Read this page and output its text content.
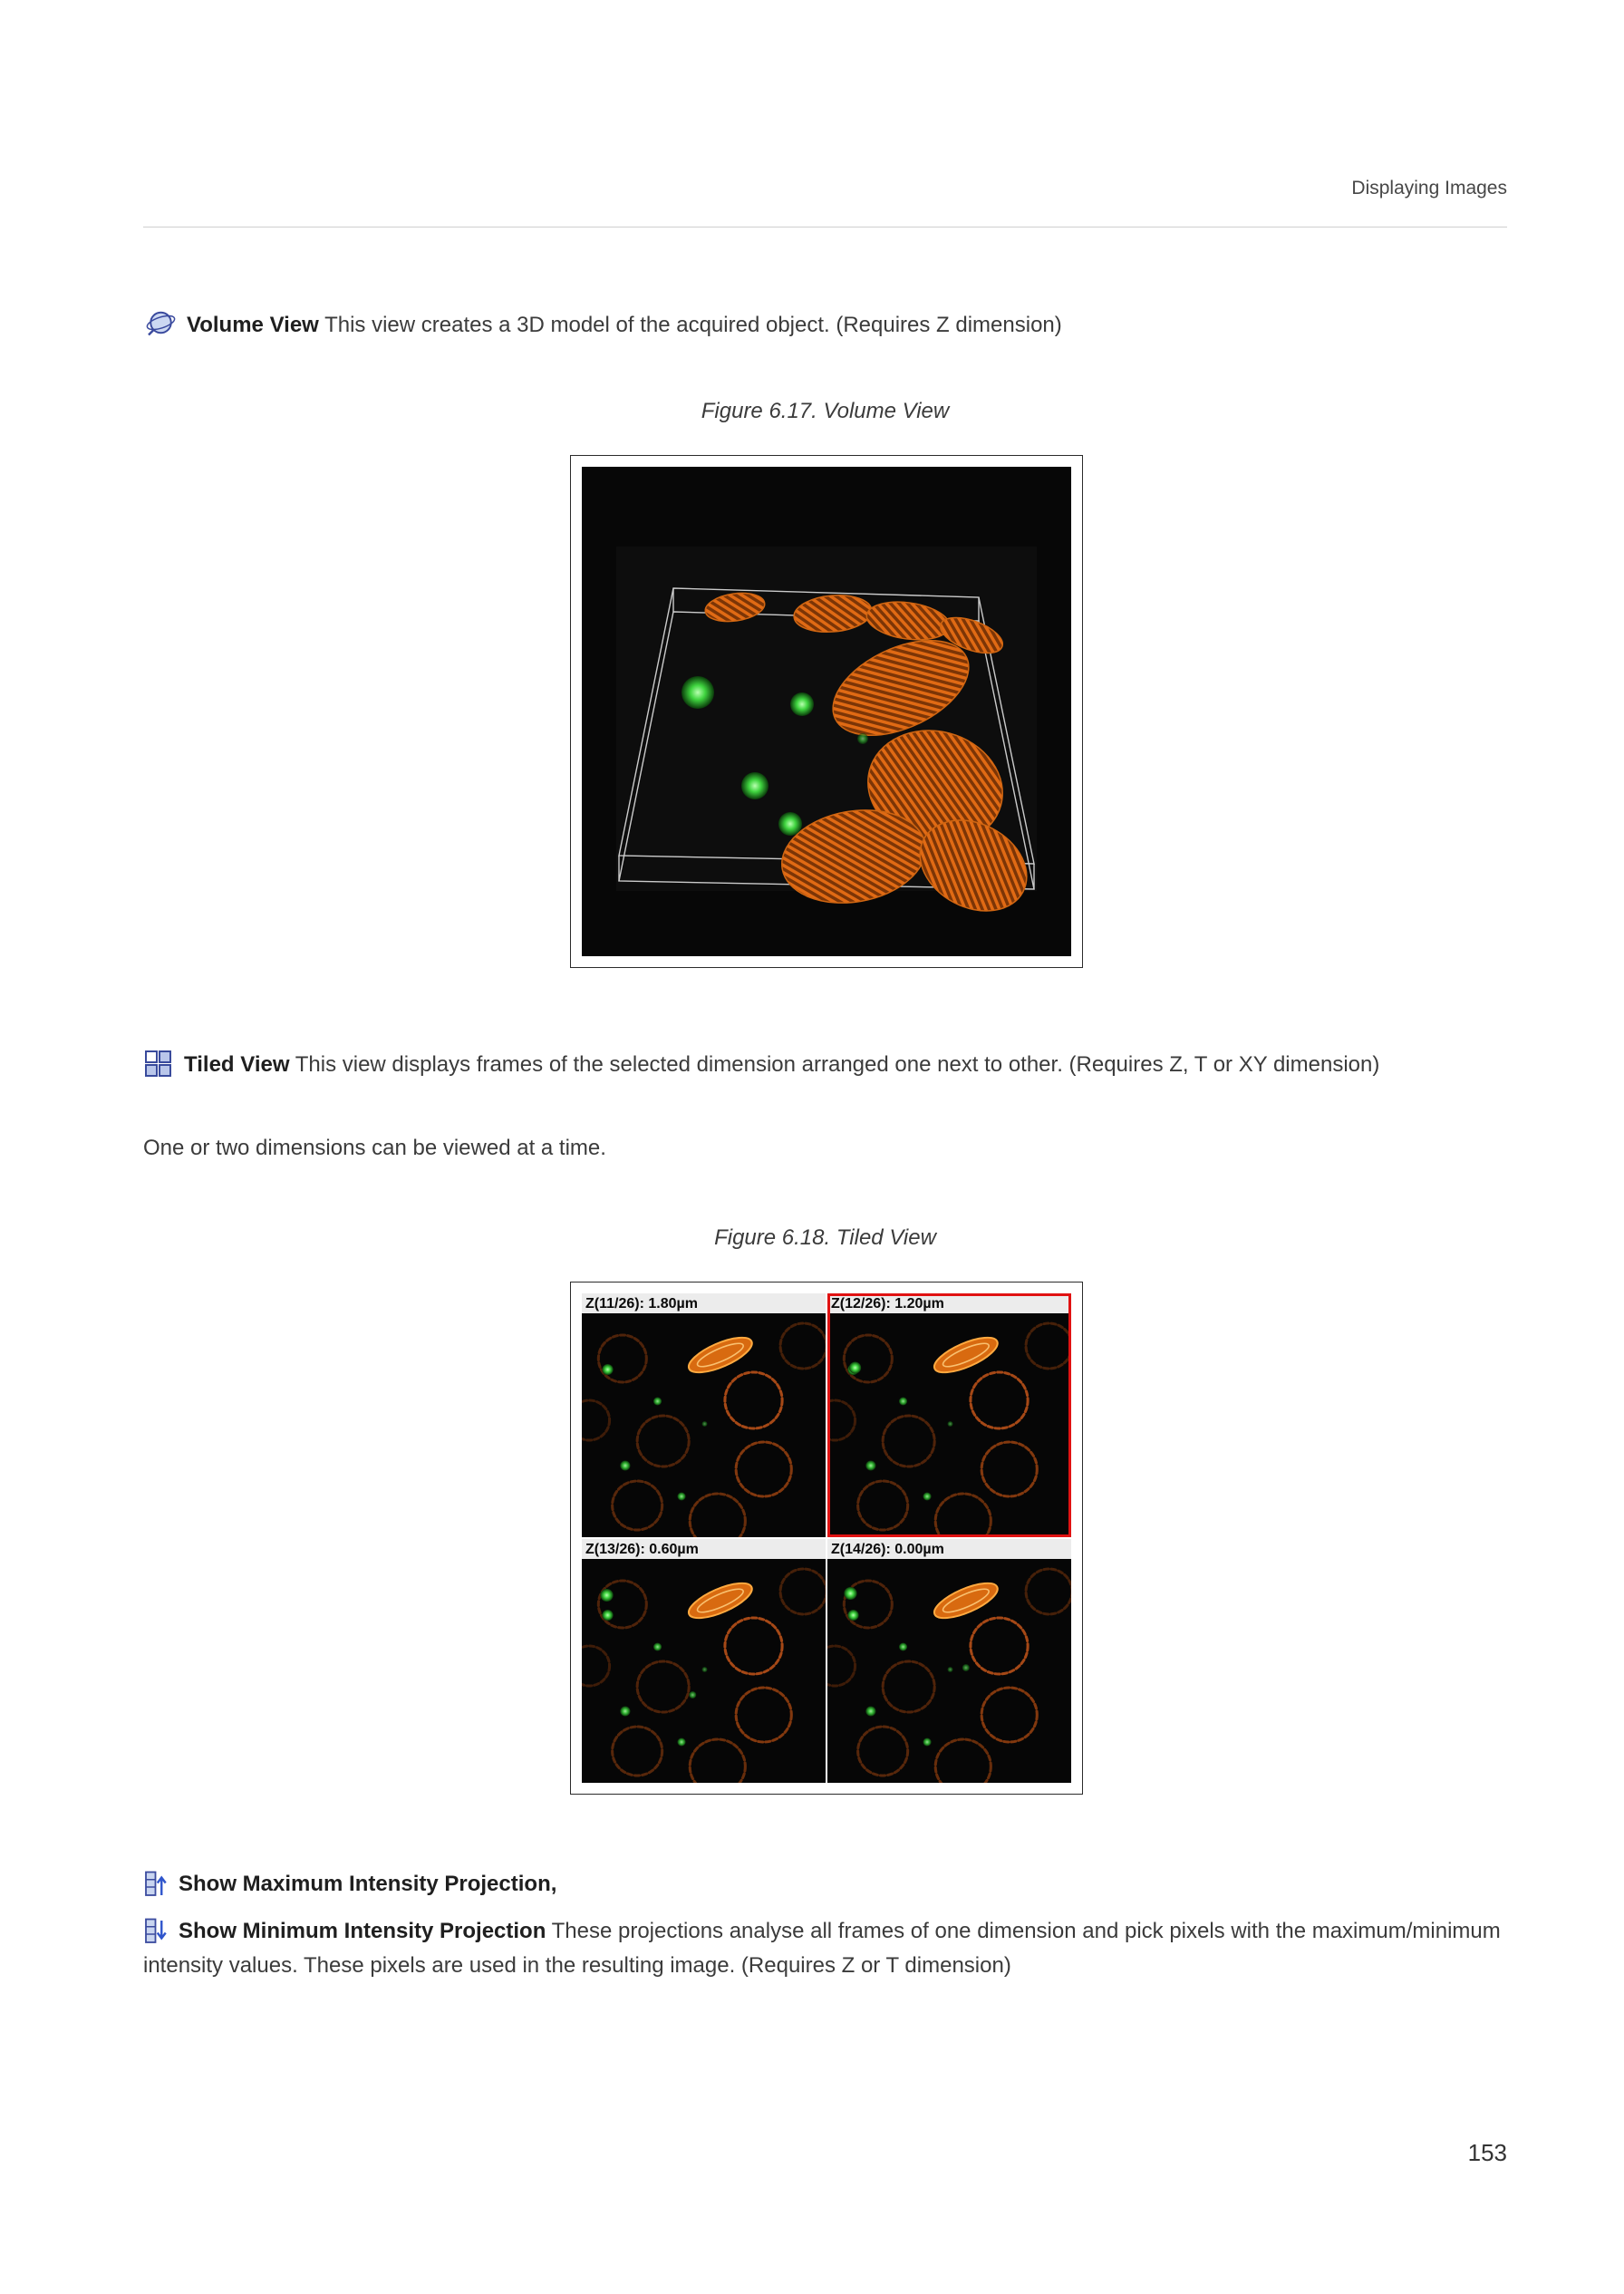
Displaying Images

Volume View This view creates a 3D model of the acquired object. (Requires Z dimension)

Figure 6.17. Volume View

Tiled View This view displays frames of the selected dimension arranged one next to other. (Requires Z, T or XY dimension)

One or two dimensions can be viewed at a time.

Figure 6.18. Tiled View
Z(11/26): 1.80µm	Z(12/26): 1.20µm
Z(13/26): 0.60µm	Z(14/26): 0.00µm

Show Maximum Intensity Projection,

Show Minimum Intensity Projection These projections analyse all frames of one dimension and pick pixels with the maximum/minimum intensity values. These pixels are used in the resulting image. (Requires Z or T dimension)

153
